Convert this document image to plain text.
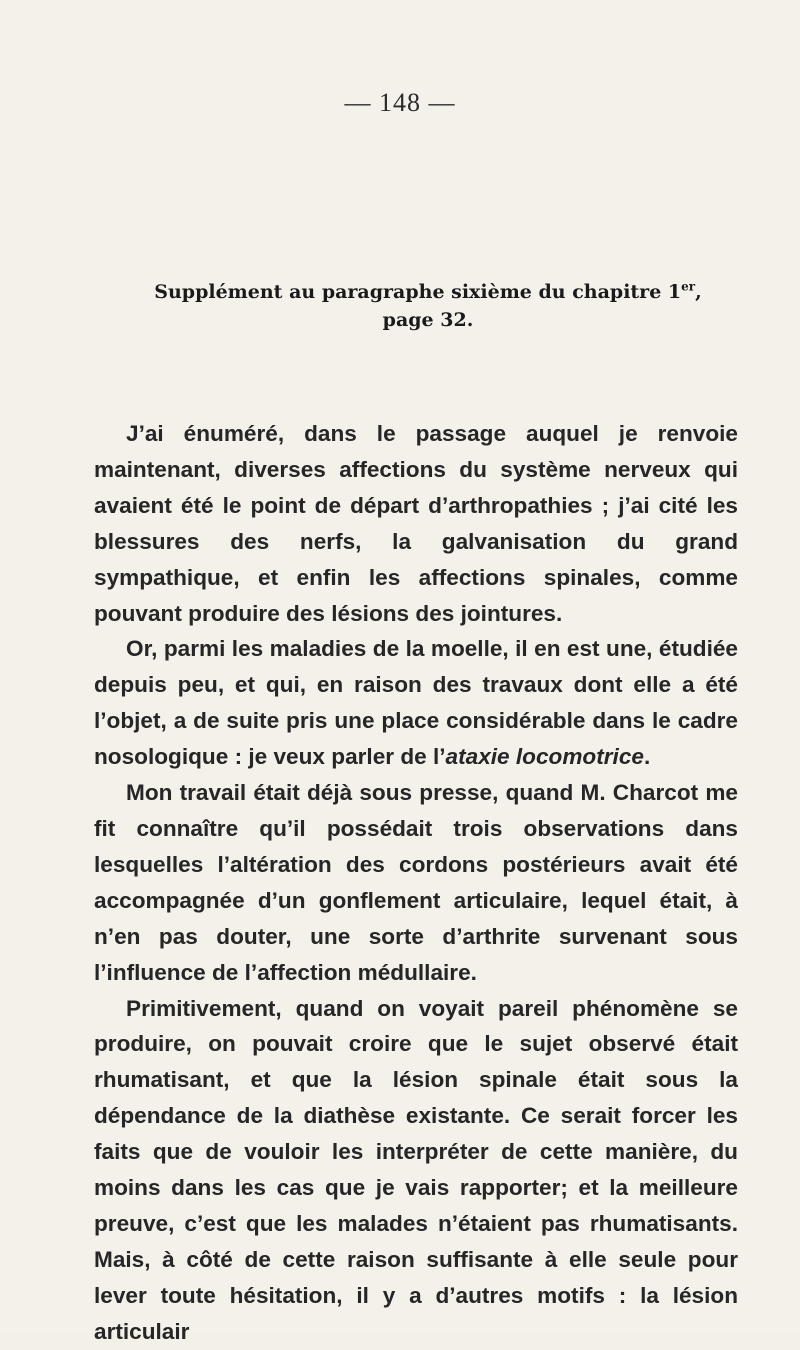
— 148 —
Supplément au paragraphe sixième du chapitre 1er,
page 32.

J’ai énuméré, dans le passage auquel je renvoie maintenant, diverses affections du système nerveux qui avaient été le point de départ d’arthropathies ; j’ai cité les blessures des nerfs, la galvanisation du grand sympathique, et enfin les affections spinales, comme pouvant produire des lésions des jointures.

Or, parmi les maladies de la moelle, il en est une, étudiée depuis peu, et qui, en raison des travaux dont elle a été l’objet, a de suite pris une place considérable dans le cadre nosologique : je veux parler de l’ataxie locomotrice.

Mon travail était déjà sous presse, quand M. Charcot me fit connaître qu’il possédait trois observations dans lesquelles l’altération des cordons postérieurs avait été accompagnée d’un gonflement articulaire, lequel était, à n’en pas douter, une sorte d’arthrite survenant sous l’influence de l’affection médullaire.

Primitivement, quand on voyait pareil phénomène se produire, on pouvait croire que le sujet observé était rhumatisant, et que la lésion spinale était sous la dépendance de la diathèse existante. Ce serait forcer les faits que de vouloir les interpréter de cette manière, du moins dans les cas que je vais rapporter; et la meilleure preuve, c’est que les malades n’étaient pas rhumatisants. Mais, à côté de cette raison suffisante à elle seule pour lever toute hésitation, il y a d’autres motifs : la lésion articulair
